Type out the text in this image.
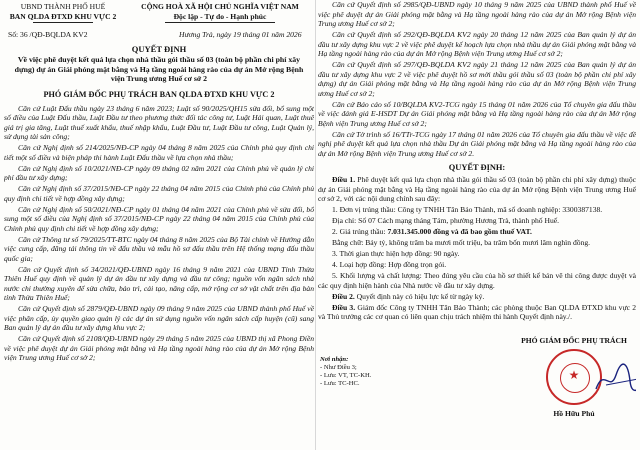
UBND THÀNH PHỐ HUẾ
BAN QLDA ĐTXD KHU VỰC 2
CỘNG HOÀ XÃ HỘI CHỦ NGHĨA VIỆT NAM
Độc lập - Tự do - Hạnh phúc
Số: 36 /QĐ-BQLDA KV2	Hương Trà, ngày 19 tháng 01 năm 2026
QUYẾT ĐỊNH
Về việc phê duyệt kết quả lựa chọn nhà thầu gói thầu số 03 (toàn bộ phần chi phí xây dựng) dự án Giải phóng mặt bằng và Hạ tầng ngoài hàng rào của dự án Mở rộng Bệnh viện Trung ương Huế cơ sở 2
PHÓ GIÁM ĐỐC PHỤ TRÁCH BAN QLDA ĐTXD KHU VỰC 2

Căn cứ Luật Đấu thầu ngày 23 tháng 6 năm 2023; Luật số 90/2025/QH15 sửa đổi, bổ sung một số điều của Luật Đấu thầu, Luật Đầu tư theo phương thức đối tác công tư, Luật Hải quan, Luật thuế giá trị gia tăng, Luật thuế xuất khẩu, thuế nhập khẩu, Luật Đầu tư, Luật Đầu tư công, Luật Quản lý, sử dụng tài sản công;

Căn cứ Nghị định số 214/2025/NĐ-CP ngày 04 tháng 8 năm 2025 của Chính phủ quy định chi tiết một số điều và biện pháp thi hành Luật Đấu thầu về lựa chọn nhà thầu;

Căn cứ Nghị định số 10/2021/NĐ-CP ngày 09 tháng 02 năm 2021 của Chính phủ về quản lý chi phí đầu tư xây dựng;

Căn cứ Nghị định số 37/2015/NĐ-CP ngày 22 tháng 04 năm 2015 của Chính phủ của Chính phủ quy định chi tiết về hợp đồng xây dựng;

Căn cứ Nghị định số 50/2021/NĐ-CP ngày 01 tháng 04 năm 2021 của Chính phủ về sửa đổi, bổ sung một số điều của Nghị định số 37/2015/NĐ-CP ngày 22 tháng 04 năm 2015 của Chính phủ của Chính phủ quy định chi tiết về hợp đồng xây dựng;

Căn cứ Thông tư số 79/2025/TT-BTC ngày 04 tháng 8 năm 2025 của Bộ Tài chính về Hướng dẫn việc cung cấp, đăng tải thông tin về đấu thầu và mẫu hồ sơ đấu thầu trên Hệ thống mạng đấu thầu quốc gia;

Căn cứ Quyết định số 34/2021/QĐ-UBND ngày 16 tháng 9 năm 2021 của UBND Tỉnh Thừa Thiên Huế quy định về quản lý dự án đầu tư xây dựng và đầu tư công; nguồn vốn ngân sách nhà nước chi thường xuyên để sửa chữa, bảo trì, cải tạo, nâng cấp, mở rộng cơ sở vật chất trên địa bàn tỉnh Thừa Thiên Huế;

Căn cứ Quyết định số 2879/QĐ-UBND ngày 09 tháng 9 năm 2025 của UBND thành phố Huế về việc phân cấp, ủy quyền giao quản lý các dự án sử dụng nguồn vốn ngân sách cấp huyện (cũ) sang Ban quản lý dự án đầu tư xây dựng khu vực 2;

Căn cứ Quyết định số 2108/QĐ-UBND ngày 29 tháng 5 năm 2025 của UBND thị xã Phong Điền về việc phê duyệt dự án Giải phóng mặt bằng và Hạ tầng ngoài hàng rào của dự án Mở rộng Bệnh viện Trung ương Huế cơ sở 2;

Căn cứ Quyết định số 2985/QĐ-UBND ngày 10 tháng 9 năm 2025 của UBND thành phố Huế về việc phê duyệt dự án Giải phóng mặt bằng và Hạ tầng ngoài hàng rào của dự án Mở rộng Bệnh viện Trung ương Huế cơ sở 2;

Căn cứ Quyết định số 292/QĐ-BQLDA KV2 ngày 20 tháng 12 năm 2025 của Ban quản lý dự án đầu tư xây dựng khu vực 2 về việc phê duyệt kế hoạch lựa chọn nhà thầu dự án Giải phóng mặt bằng và Hạ tầng ngoài hàng rào của dự án Mở rộng Bệnh viện Trung ương Huế cơ sở 2;

Căn cứ Quyết định số 297/QĐ-BQLDA KV2 ngày 21 tháng 12 năm 2025 của Ban quản lý dự án đầu tư xây dựng khu vực 2 về việc phê duyệt hồ sơ mời thầu gói thầu số 03 (toàn bộ phần chi phí xây dựng) dự án Giải phóng mặt bằng và Hạ tầng ngoài hàng rào của dự án Mở rộng Bệnh viện Trung ương Huế cơ sở 2;

Căn cứ Báo cáo số 10/BQLDA KV2-TCG ngày 15 tháng 01 năm 2026 của Tổ chuyên gia đấu thầu về việc đánh giá E-HSDT Dự án Giải phóng mặt bằng và Hạ tầng ngoài hàng rào của dự án Mở rộng Bệnh viện Trung ương Huế cơ sở 2;

Căn cứ Tờ trình số 16/TTr-TCG ngày 17 tháng 01 năm 2026 của Tổ chuyên gia đấu thầu về việc đề nghị phê duyệt kết quả lựa chọn nhà thầu Dự án Giải phóng mặt bằng và Hạ tầng ngoài hàng rào của dự án Mở rộng Bệnh viện Trung ương Huế cơ sở 2.

QUYẾT ĐỊNH:

Điều 1. Phê duyệt kết quả lựa chọn nhà thầu gói thầu số 03 (toàn bộ phần chi phí xây dựng) thuộc dự án Giải phóng mặt bằng và Hạ tầng ngoài hàng rào của dự án Mở rộng Bệnh viện Trung ương Huế cơ sở 2, với các nội dung chính sau đây:

1. Đơn vị trúng thầu: Công ty TNHH Tân Bảo Thành, mã số doanh nghiệp: 3300387138.

Địa chỉ: Số 07 Cách mạng tháng Tám, phường Hương Trà, thành phố Huế.

2. Giá trúng thầu: 7.031.345.000 đồng và đã bao gồm thuế VAT.

Bằng chữ: Bảy tỷ, không trăm ba mươi mốt triệu, ba trăm bốn mươi lăm nghìn đồng.

3. Thời gian thực hiện hợp đồng: 90 ngày.

4. Loại hợp đồng: Hợp đồng trọn gói.

5. Khối lượng và chất lượng: Theo đúng yêu cầu của hồ sơ thiết kế bản vẽ thi công được duyệt và các quy định hiện hành của Nhà nước về đầu tư xây dựng.

Điều 2. Quyết định này có hiệu lực kể từ ngày ký.

Điều 3. Giám đốc Công ty TNHH Tân Bảo Thành; các phòng thuộc Ban QLDA ĐTXD khu vực 2 và Thủ trưởng các cơ quan có liên quan chịu trách nhiệm thi hành Quyết định này./.

Nơi nhận:
- Như Điều 3;
- Lưu: VT, TC-KH.
- Lưu: TC-HC.
PHÓ GIÁM ĐỐC PHỤ TRÁCH
★
Hồ Hữu Phú
